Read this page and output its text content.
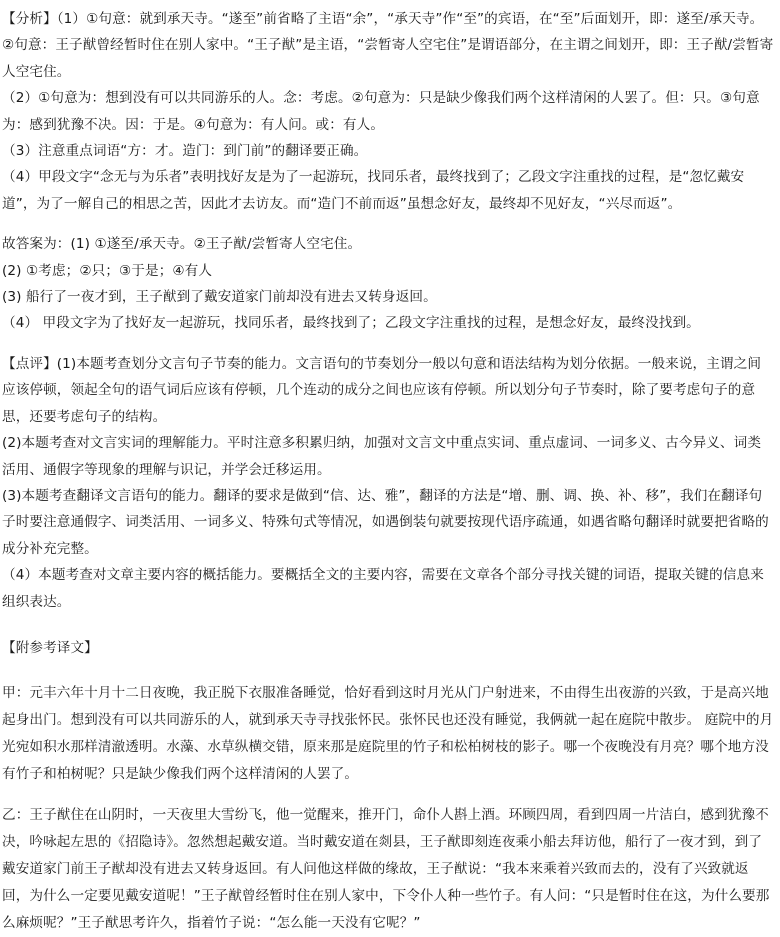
【分析】（1）①句意：就到承天寺。“遂至”前省略了主语“余”，“承天寺”作“至”的宾语，在“至”后面划开，即：遂至/承天寺。②句意：王子猷曾经暂时住在别人家中。“王子猷”是主语，“尝暂寄人空宅住”是谓语部分，在主谓之间划开，即：王子猷/尝暂寄人空宅住。

（2）①句意为：想到没有可以共同游乐的人。念：考虑。②句意为：只是缺少像我们两个这样清闲的人罢了。但：只。③句意为：感到犹豫不决。因：于是。④句意为：有人问。或：有人。

（3）注意重点词语“方：才。造门：到门前”的翻译要正确。

（4）甲段文字“念无与为乐者”表明找好友是为了一起游玩，找同乐者，最终找到了；乙段文字注重找的过程，是“忽忆戴安道”，为了一解自己的相思之苦，因此才去访友。而“造门不前而返”虽想念好友，最终却不见好友，“兴尽而返”。

故答案为：(1) ①遂至/承天寺。②王子猷/尝暂寄人空宅住。

(2) ①考虑；②只；③于是；④有人

(3) 船行了一夜才到，王子猷到了戴安道家门前却没有进去又转身返回。

（4） 甲段文字为了找好友一起游玩，找同乐者，最终找到了；乙段文字注重找的过程，是想念好友，最终没找到。

【点评】(1)本题考查划分文言句子节奏的能力。文言语句的节奏划分一般以句意和语法结构为划分依据。一般来说，主谓之间应该停顿，领起全句的语气词后应该有停顿，几个连动的成分之间也应该有停顿。所以划分句子节奏时，除了要考虑句子的意思，还要考虑句子的结构。

(2)本题考查对文言实词的理解能力。平时注意多积累归纳，加强对文言文中重点实词、重点虚词、一词多义、古今异义、词类活用、通假字等现象的理解与识记，并学会迁移运用。

(3)本题考查翻译文言语句的能力。翻译的要求是做到“信、达、雅”，翻译的方法是“增、删、调、换、补、移”，我们在翻译句子时要注意通假字、词类活用、一词多义、特殊句式等情况，如遇倒装句就要按现代语序疏通，如遇省略句翻译时就要把省略的成分补充完整。

（4）本题考查对文章主要内容的概括能力。要概括全文的主要内容，需要在文章各个部分寻找关键的词语，提取关键的信息来组织表达。

【附参考译文】

甲：元丰六年十月十二日夜晚，我正脱下衣服准备睡觉，恰好看到这时月光从门户射进来，不由得生出夜游的兴致，于是高兴地起身出门。想到没有可以共同游乐的人，就到承天寺寻找张怀民。张怀民也还没有睡觉，我俩就一起在庭院中散步。 庭院中的月光宛如积水那样清澈透明。水藻、水草纵横交错，原来那是庭院里的竹子和松柏树枝的影子。哪一个夜晚没有月亮？哪个地方没有竹子和柏树呢？只是缺少像我们两个这样清闲的人罢了。

乙：王子猷住在山阴时，一天夜里大雪纷飞，他一觉醒来，推开门，命仆人斟上酒。环顾四周，看到四周一片洁白，感到犹豫不决，吟咏起左思的《招隐诗》。忽然想起戴安道。当时戴安道在剡县，王子猷即刻连夜乘小船去拜访他，船行了一夜才到，到了戴安道家门前王子猷却没有进去又转身返回。有人问他这样做的缘故，王子猷说：“我本来乘着兴致而去的，没有了兴致就返回，为什么一定要见戴安道呢！”王子猷曾经暂时住在别人家中，下令仆人种一些竹子。有人问：“只是暂时住在这，为什么要那么麻烦呢？”王子猷思考许久，指着竹子说：“怎么能一天没有它呢？”
